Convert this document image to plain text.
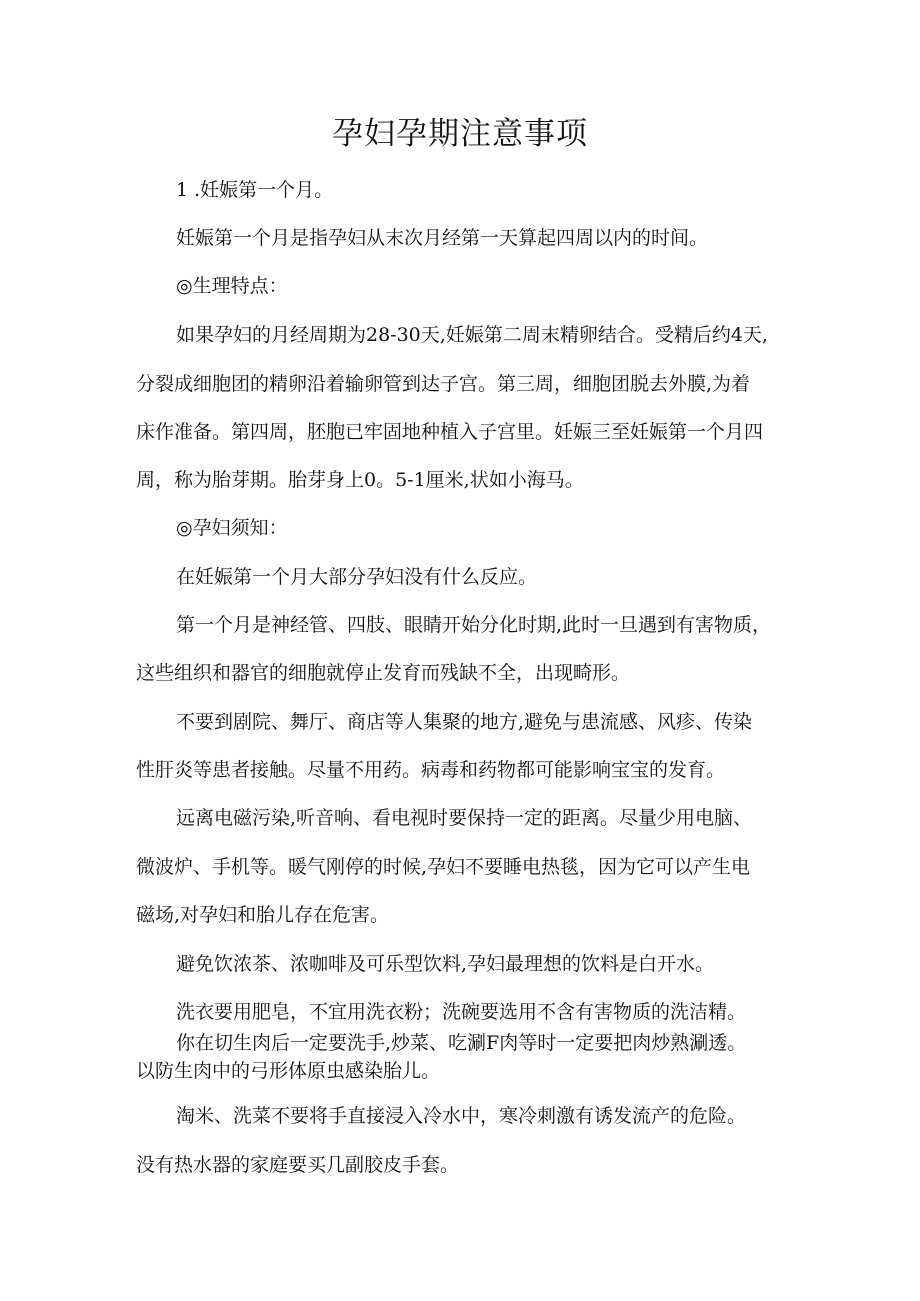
孕妇孕期注意事项

1 .妊娠第一个月。

妊娠第一个月是指孕妇从末次月经第一天算起四周以内的时间。

◎生理特点：

如果孕妇的月经周期为28-30天,妊娠第二周末精卵结合。受精后约4天,

分裂成细胞团的精卵沿着输卵管到达子宫。第三周，细胞团脱去外膜,为着

床作准备。第四周，胚胞已牢固地种植入子宫里。妊娠三至妊娠第一个月四

周，称为胎芽期。胎芽身上0。5-1厘米,状如小海马。

◎孕妇须知：

在妊娠第一个月大部分孕妇没有什么反应。

第一个月是神经管、四肢、眼睛开始分化时期,此时一旦遇到有害物质，

这些组织和器官的细胞就停止发育而残缺不全，出现畸形。

不要到剧院、舞厅、商店等人集聚的地方,避免与患流感、风疹、传染

性肝炎等患者接触。尽量不用药。病毒和药物都可能影响宝宝的发育。

远离电磁污染,听音响、看电视时要保持一定的距离。尽量少用电脑、

微波炉、手机等。暖气刚停的时候,孕妇不要睡电热毯，因为它可以产生电

磁场,对孕妇和胎儿存在危害。

避免饮浓茶、浓咖啡及可乐型饮料,孕妇最理想的饮料是白开水。

洗衣要用肥皂，不宜用洗衣粉；洗碗要选用不含有害物质的洗洁精。

你在切生肉后一定要洗手,炒菜、吃涮F肉等时一定要把肉炒熟涮透。

以防生肉中的弓形体原虫感染胎儿。

淘米、洗菜不要将手直接浸入冷水中，寒冷刺激有诱发流产的危险。

没有热水器的家庭要买几副胶皮手套。
